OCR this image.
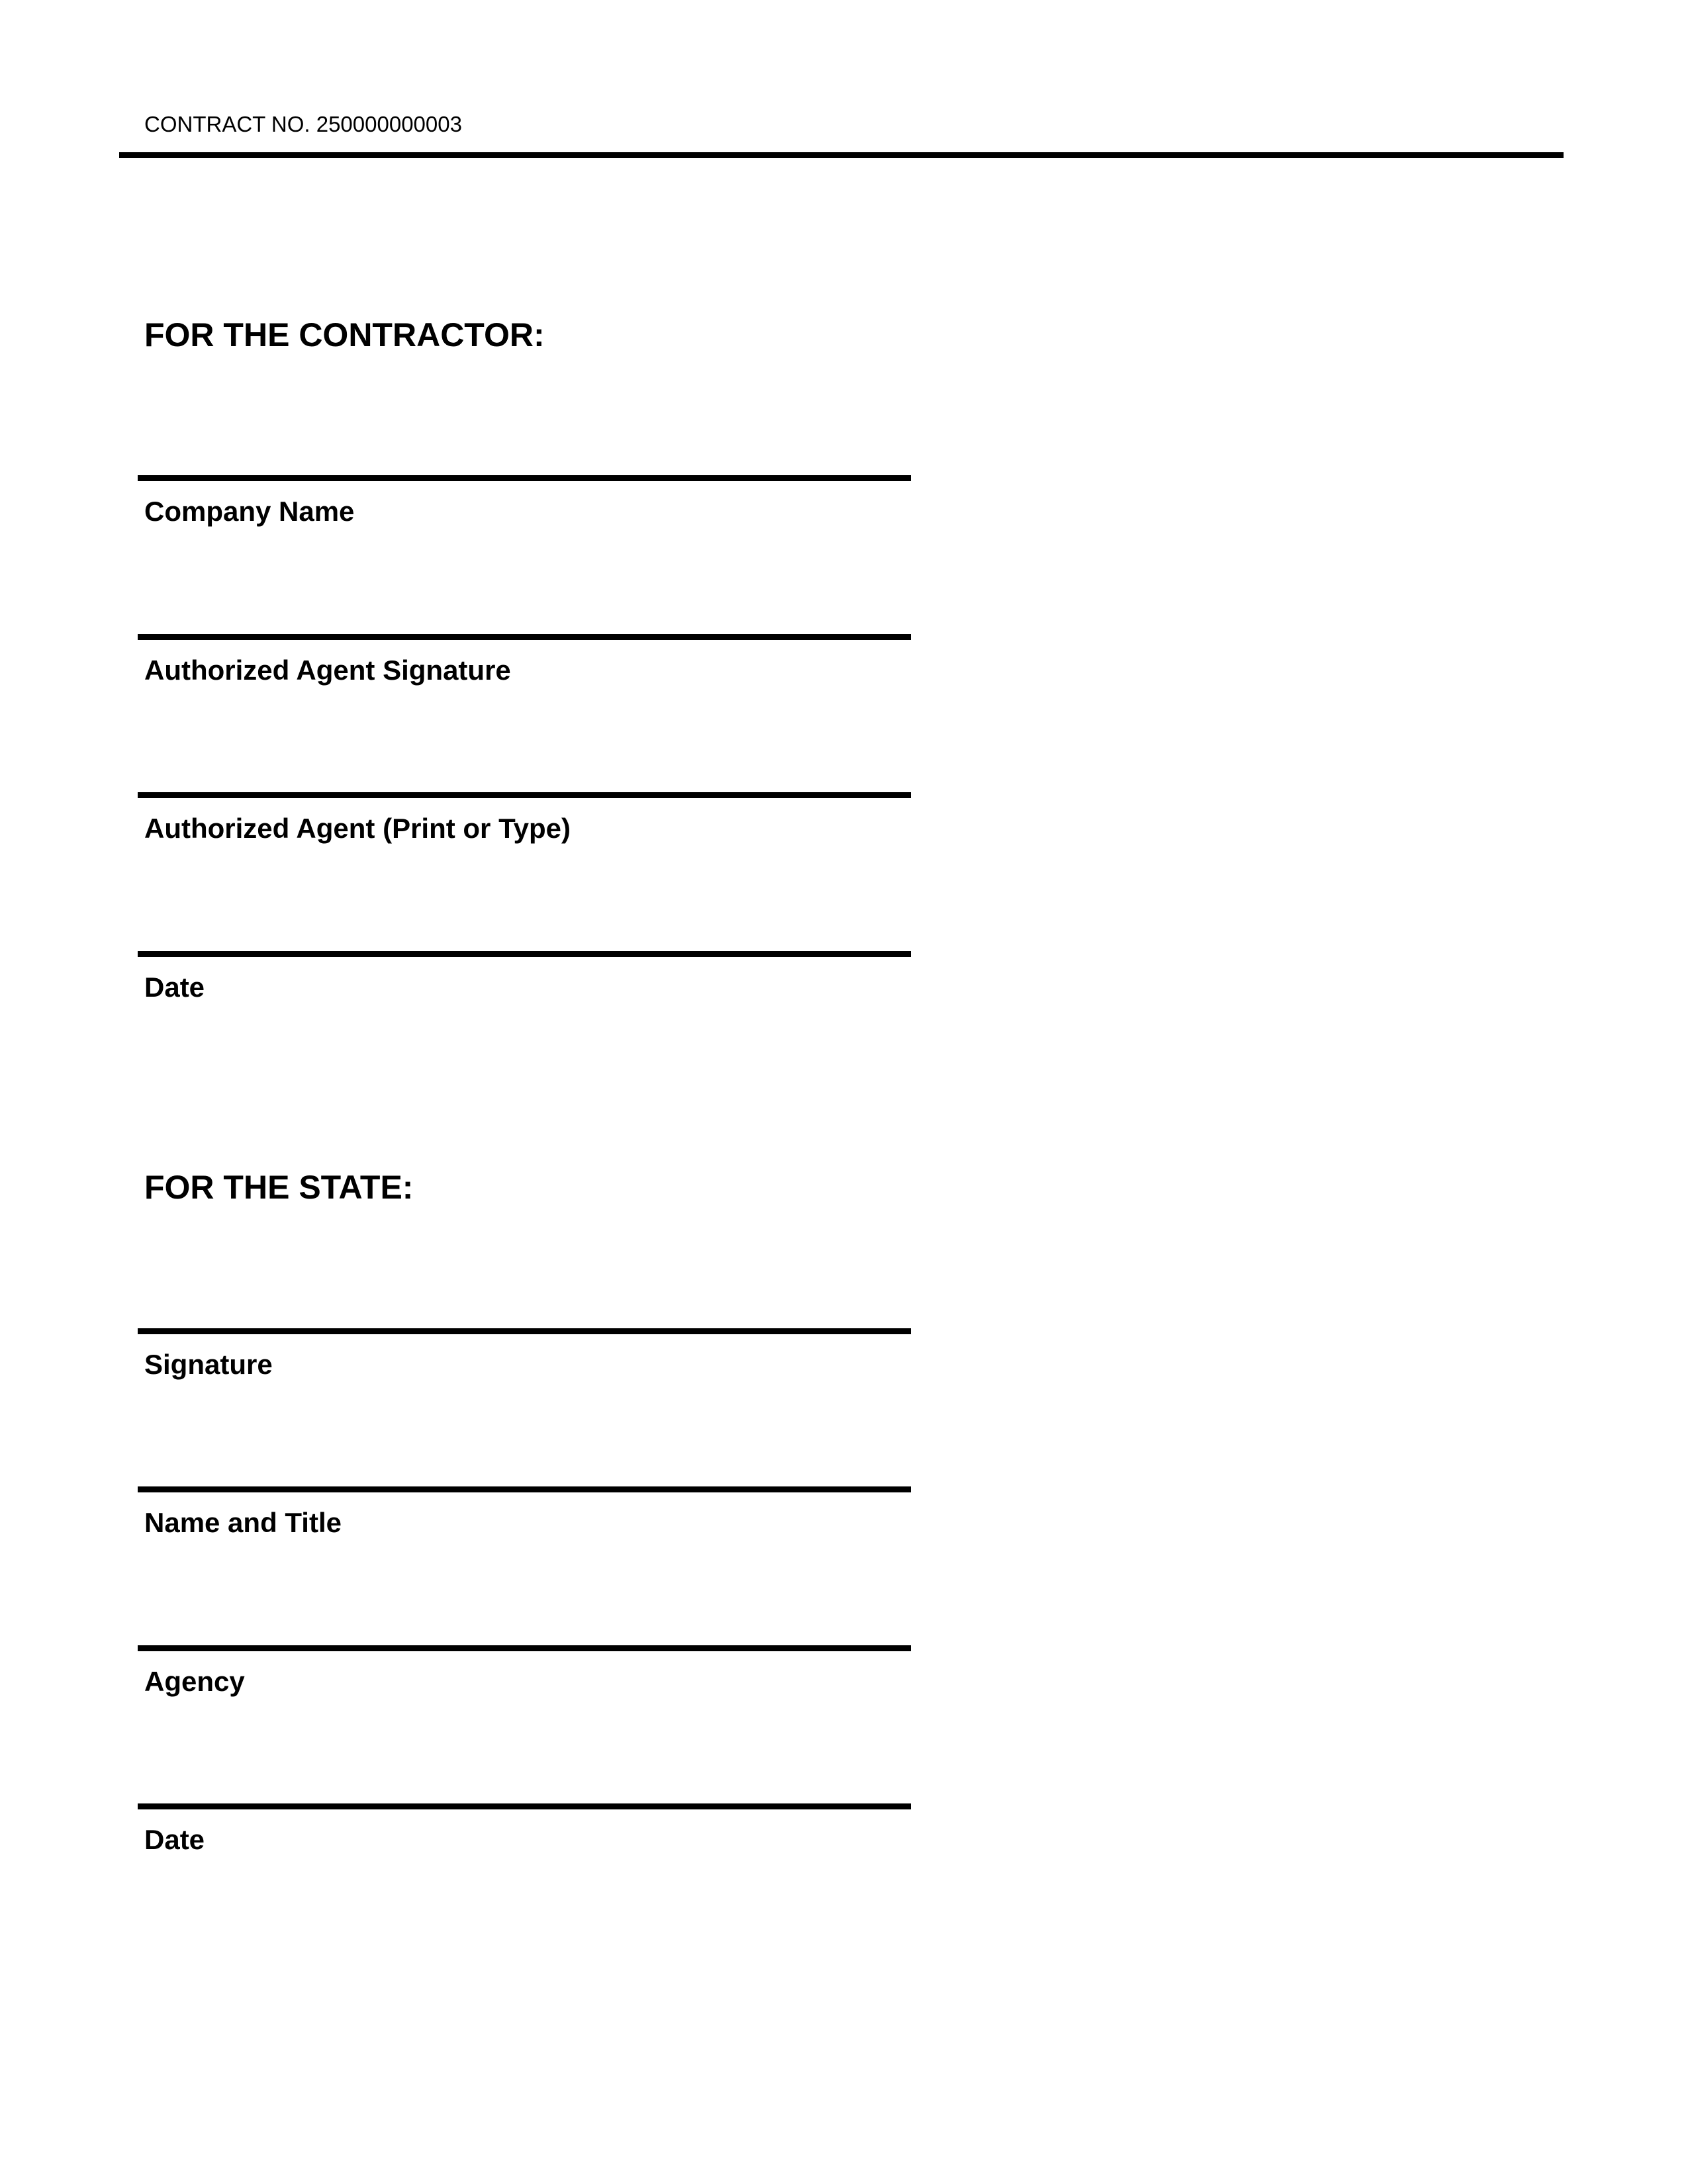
CONTRACT NO. 250000000003
FOR THE CONTRACTOR:
Company Name
Authorized Agent Signature
Authorized Agent (Print or Type)
Date
FOR THE STATE:
Signature
Name and Title
Agency
Date
